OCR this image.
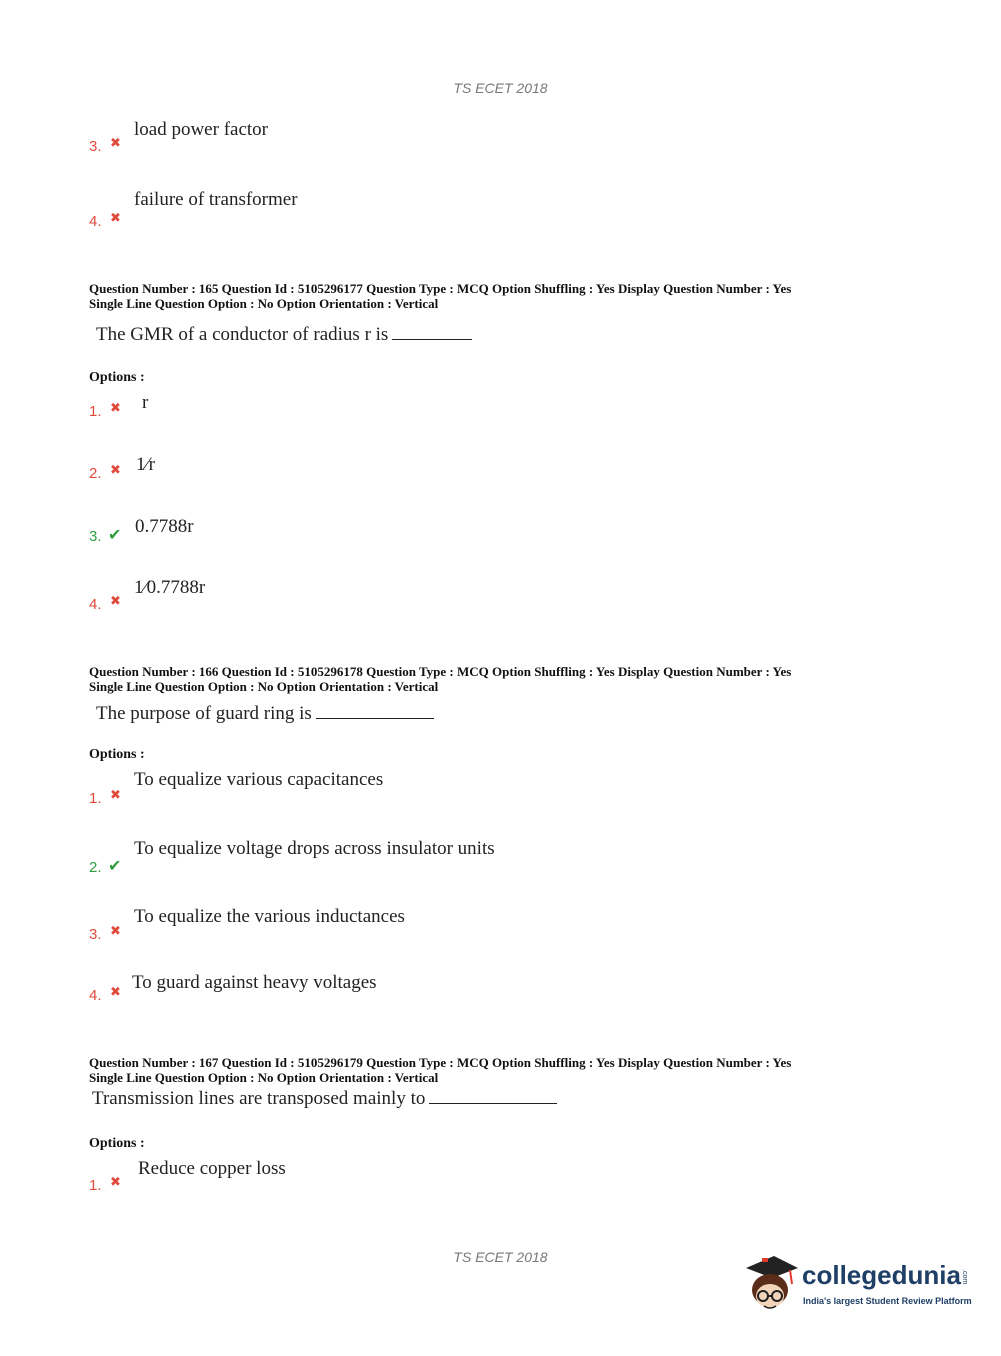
TS ECET 2018
3. ✖
load power factor
4. ✖
failure of transformer
Question Number : 165 Question Id : 5105296177 Question Type : MCQ Option Shuffling : Yes Display Question Number : Yes
Single Line Question Option : No Option Orientation : Vertical
The GMR of a conductor of radius r is
Options :
1. ✖ r
2. ✖ 1⁄r
3. ✔ 0.7788r
4. ✖
1⁄0.7788r
Question Number : 166 Question Id : 5105296178 Question Type : MCQ Option Shuffling : Yes Display Question Number : Yes
Single Line Question Option : No Option Orientation : Vertical
The purpose of guard ring is
Options :
1. ✖
To equalize various capacitances
2. ✔
To equalize voltage drops across insulator units
3. ✖
To equalize the various inductances
4. ✖ To guard against heavy voltages
Question Number : 167 Question Id : 5105296179 Question Type : MCQ Option Shuffling : Yes Display Question Number : Yes
Single Line Question Option : No Option Orientation : Vertical
Transmission lines are transposed mainly to
Options :
1. ✖
Reduce copper loss
TS ECET 2018
collegedunia.com
India's largest Student Review Platform
